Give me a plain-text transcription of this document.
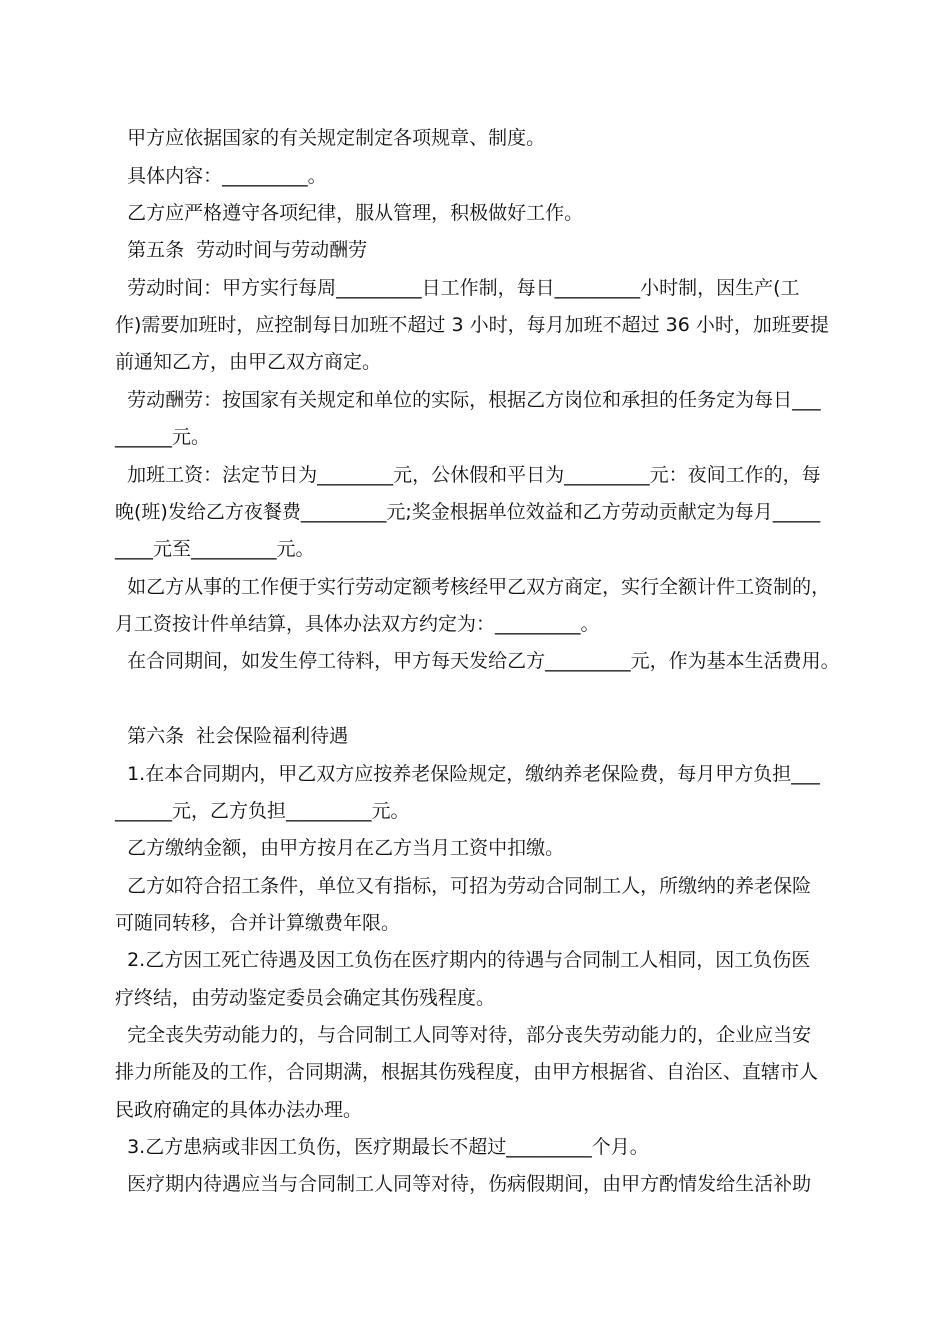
甲方应依据国家的有关规定制定各项规章、制度。
具体内容：_________。
乙方应严格遵守各项纪律，服从管理，积极做好工作。
第五条  劳动时间与劳动酬劳
劳动时间：甲方实行每周_________日工作制，每日_________小时制，因生产(工
作)需要加班时，应控制每日加班不超过 3 小时，每月加班不超过 36 小时，加班要提
前通知乙方，由甲乙双方商定。
劳动酬劳：按国家有关规定和单位的实际，根据乙方岗位和承担的任务定为每日___
______元。
加班工资：法定节日为________元，公休假和平日为_________元：夜间工作的，每
晚(班)发给乙方夜餐费_________元;奖金根据单位效益和乙方劳动贡献定为每月_____
____元至_________元。
如乙方从事的工作便于实行劳动定额考核经甲乙双方商定，实行全额计件工资制的，
月工资按计件单结算，具体办法双方约定为：_________。
在合同期间，如发生停工待料，甲方每天发给乙方_________元，作为基本生活费用。
第六条  社会保险福利待遇
1.在本合同期内，甲乙双方应按养老保险规定，缴纳养老保险费，每月甲方负担___
______元，乙方负担_________元。
乙方缴纳金额，由甲方按月在乙方当月工资中扣缴。
乙方如符合招工条件，单位又有指标，可招为劳动合同制工人，所缴纳的养老保险
可随同转移，合并计算缴费年限。
2.乙方因工死亡待遇及因工负伤在医疗期内的待遇与合同制工人相同，因工负伤医
疗终结，由劳动鉴定委员会确定其伤残程度。
完全丧失劳动能力的，与合同制工人同等对待，部分丧失劳动能力的，企业应当安
排力所能及的工作，合同期满，根据其伤残程度，由甲方根据省、自治区、直辖市人
民政府确定的具体办法办理。
3.乙方患病或非因工负伤，医疗期最长不超过_________个月。
医疗期内待遇应当与合同制工人同等对待，伤病假期间，由甲方酌情发给生活补助
